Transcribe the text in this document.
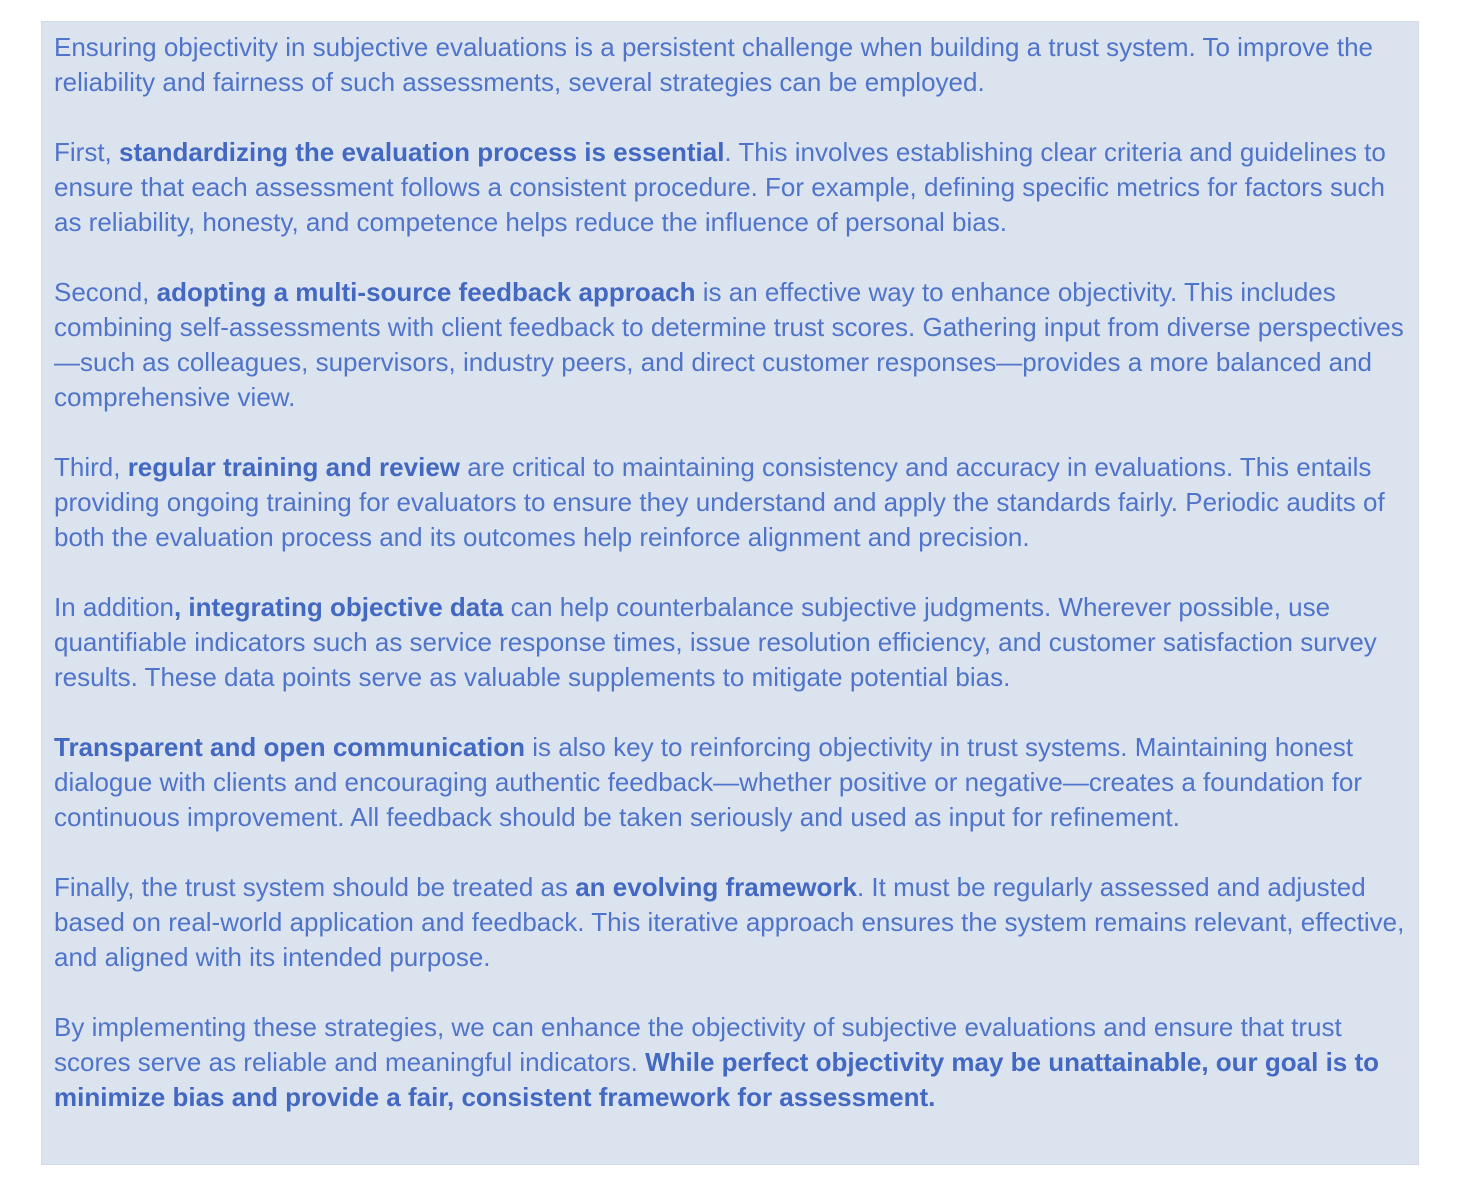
Ensuring objectivity in subjective evaluations is a persistent challenge when building a trust system. To improve the reliability and fairness of such assessments, several strategies can be employed.

First, standardizing the evaluation process is essential. This involves establishing clear criteria and guidelines to ensure that each assessment follows a consistent procedure. For example, defining specific metrics for factors such as reliability, honesty, and competence helps reduce the influence of personal bias.

Second, adopting a multi-source feedback approach is an effective way to enhance objectivity. This includes combining self-assessments with client feedback to determine trust scores. Gathering input from diverse perspectives—such as colleagues, supervisors, industry peers, and direct customer responses—provides a more balanced and comprehensive view.

Third, regular training and review are critical to maintaining consistency and accuracy in evaluations. This entails providing ongoing training for evaluators to ensure they understand and apply the standards fairly. Periodic audits of both the evaluation process and its outcomes help reinforce alignment and precision.

In addition, integrating objective data can help counterbalance subjective judgments. Wherever possible, use quantifiable indicators such as service response times, issue resolution efficiency, and customer satisfaction survey results. These data points serve as valuable supplements to mitigate potential bias.

Transparent and open communication is also key to reinforcing objectivity in trust systems. Maintaining honest dialogue with clients and encouraging authentic feedback—whether positive or negative—creates a foundation for continuous improvement. All feedback should be taken seriously and used as input for refinement.

Finally, the trust system should be treated as an evolving framework. It must be regularly assessed and adjusted based on real-world application and feedback. This iterative approach ensures the system remains relevant, effective, and aligned with its intended purpose.

By implementing these strategies, we can enhance the objectivity of subjective evaluations and ensure that trust scores serve as reliable and meaningful indicators. While perfect objectivity may be unattainable, our goal is to minimize bias and provide a fair, consistent framework for assessment.
